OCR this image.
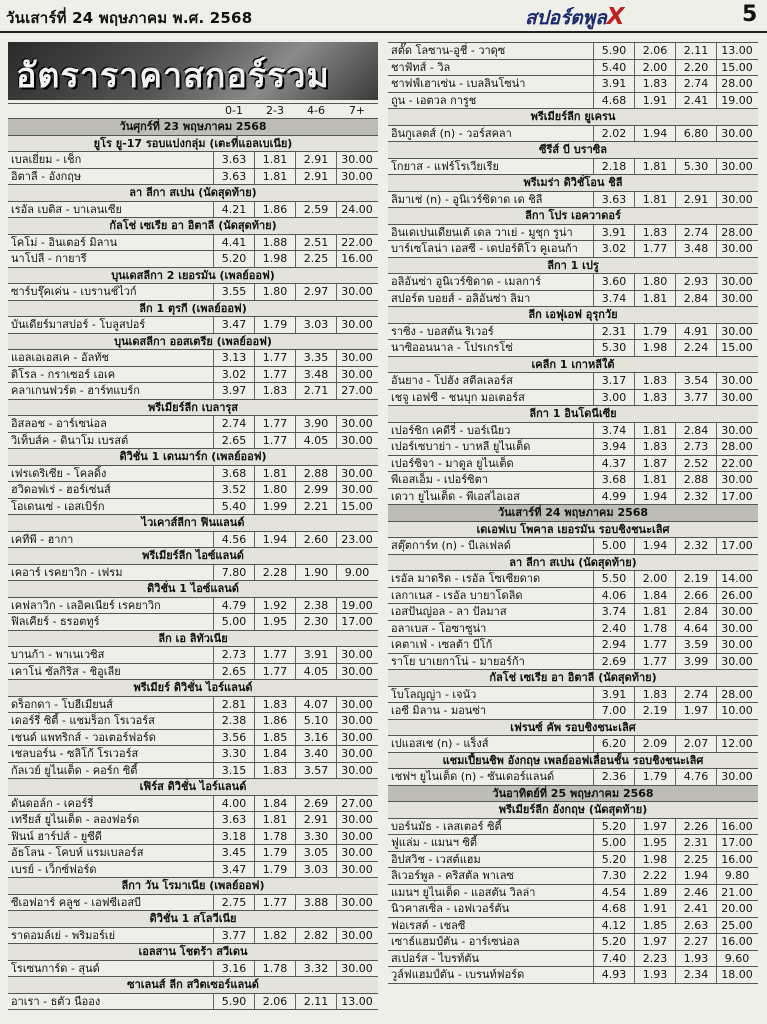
วันเสาร์ที่ 24 พฤษภาคม พ.ศ. 2568	สปอร์ตพูลX	5
อัตราราคาสกอร์รวม
0-1	2-3	4-6	7+
วันศุกร์ที่ 23 พฤษภาคม 2568
ยูโร ยู-17 รอบแบ่งกลุ่ม (เตะที่แอลเบเนีย)
เบลเยี่ยม - เช็ก	3.63	1.81	2.91	30.00
อิตาลี - อังกฤษ	3.63	1.81	2.91	30.00
ลา ลีกา สเปน (นัดสุดท้าย)
เรอัล เบติส - บาเลนเซีย	4.21	1.86	2.59	24.00
กัลโช่ เซเรีย อา อิตาลี (นัดสุดท้าย)
โคโม่ - อินเตอร์ มิลาน	4.41	1.88	2.51	22.00
นาโปลี - กายารี	5.20	1.98	2.25	16.00
บุนเดสลีกา 2 เยอรมัน (เพลย์ออฟ)
ซาร์บรุ๊คเค่น - เบรานช์ไวก์	3.55	1.80	2.97	30.00
ลีก 1 ตุรกี (เพลย์ออฟ)
บันเดียร์มาสปอร์ - โบลูสปอร์	3.47	1.79	3.03	30.00
บุนเดสลีกา ออสเตรีย (เพลย์ออฟ)
แอลเอเอสเค - อัลทัช	3.13	1.77	3.35	30.00
ดิโรล - กราเซอร์ เอเค	3.02	1.77	3.48	30.00
คลาเกนฟวร์ต - ฮาร์ทแบร์ก	3.97	1.83	2.71	27.00
พรีเมียร์ลีก เบลารุส
อิสลอช - อาร์เซน่อล	2.74	1.77	3.90	30.00
วิเท็บส์ค - ดินาโม เบรสต์	2.65	1.77	4.05	30.00
ดิวิชั่น 1 เดนมาร์ก (เพลย์ออฟ)
เฟรเดริเซีย - โคลดิ้ง	3.68	1.81	2.88	30.00
ฮวิดอฟเร่ - ฮอร์เซ่นส์	3.52	1.80	2.99	30.00
โอเดนเซ่ - เอสเบิร์ก	5.40	1.99	2.21	15.00
ไวเคาส์ลีกา ฟินแลนด์
เคทีพี - ฮากา	4.56	1.94	2.60	23.00
พรีเมียร์ลีก ไอซ์แลนด์
เคอาร์ เรคยาวิก - เฟรม	7.80	2.28	1.90	9.00
ดิวิชั่น 1 ไอซ์แลนด์
เคฟลาวิก - เลอิคเนียร์ เรคยาวิก	4.79	1.92	2.38	19.00
ฟิลเคียร์ - ธรอตทูร์	5.00	1.95	2.30	17.00
ลีก เอ ลิทัวเนีย
บานก้า - พาเนเวซิส	2.73	1.77	3.91	30.00
เคาโน่ ซัลกิริส - ชิอูเลีย	2.65	1.77	4.05	30.00
พรีเมียร์ ดิวิชั่น ไอร์แลนด์
ดร็อกดา - โบฮีเมียนส์	2.81	1.83	4.07	30.00
เดอร์รี่ ซิตี้ - แชมร็อก โรเวอร์ส	2.38	1.86	5.10	30.00
เชนด์ แพทริกส์ - วอเตอร์ฟอร์ด	3.56	1.85	3.16	30.00
เชลบอร์น - ซลิโก้ โรเวอร์ส	3.30	1.84	3.40	30.00
กัลเวย์ ยูไนเต็ด - คอร์ก ซิตี้	3.15	1.83	3.57	30.00
เฟิร์ส ดิวิชั่น ไอร์แลนด์
ดันดอล์ก - เคอร์รี่	4.00	1.84	2.69	27.00
เทรียส์ ยูไนเต็ด - ลองฟอร์ด	3.63	1.81	2.91	30.00
ฟินน์ ฮาร์ปส์ - ยูซีดี	3.18	1.78	3.30	30.00
อัธโลน - โคบห์ แรมเบลอร์ส	3.45	1.79	3.05	30.00
เบรย์ - เว็กซ์ฟอร์ด	3.47	1.79	3.03	30.00
ลีกา วัน โรมาเนีย (เพลย์ออฟ)
ซีเอฟอาร์ คลูช - เอฟซีเอสบี	2.75	1.77	3.88	30.00
ดิวิชั่น 1 สโลวีเนีย
ราดอมล์เย่ - พริมอร์เย่	3.77	1.82	2.82	30.00
เอลสาน โชตร้า สวีเดน
โรเซนการ์ด - สุนด์	3.16	1.78	3.32	30.00
ซาเลนส์ ลีก สวิตเซอร์แลนด์
อาเรา - ธตัว นีออง	5.90	2.06	2.11	13.00
สตั๊ด โลซาน-อูชี่ - วาดุซ	5.90	2.06	2.11	13.00
ชาฟัทส์ - วิล	5.40	2.00	2.20	15.00
ชาฟฟ์เฮาเซ่น - เบลลินโซน่า	3.91	1.83	2.74	28.00
ถูน - เอตวล การูช	4.68	1.91	2.41	19.00
พรีเมียร์ลีก ยูเครน
อินกูเลตส์ (n) - วอร์สคลา	2.02	1.94	6.80	30.00
ซีรีส์ บี บราซิล
โกยาส - แฟร์โรเวียเรีย	2.18	1.81	5.30	30.00
พรีเมร่า ดิวิชั่โอน ชิลี
ลิมาเช่ (n) - อูนิเวร์ซิดาด เด ชิลี	3.63	1.81	2.91	30.00
ลีกา โปร เอควาดอร์
อินเดเปนเดียนเต้ เดล วาเย่ - มูชุก รูน่า	3.91	1.83	2.74	28.00
บาร์เซโลน่า เอสซี - เดปอร์ติโว คูเอนก้า	3.02	1.77	3.48	30.00
ลีกา 1 เปรู
อลิอันซ่า อูนิเวร์ซิดาด - เมลการ์	3.60	1.80	2.93	30.00
สปอร์ต บอยส์ - อลิอันซ่า ลิมา	3.74	1.81	2.84	30.00
ลีก เอฟุเอฟ อุรุกวัย
ราซิ่ง - บอสตัน ริเวอร์	2.31	1.79	4.91	30.00
นาซิออนนาล - โปรเกรโซ่	5.30	1.98	2.24	15.00
เคลีก 1 เกาหลีใต้
อันยาง - โปฮัง สตีลเลอร์ส	3.17	1.83	3.54	30.00
เชจู เอฟซี - ชนบุก มอเตอร์ส	3.00	1.83	3.77	30.00
ลีกา 1 อินโดนีเซีย
เปอร์ซิก เคดีรี่ - บอร์เนียว	3.74	1.81	2.84	30.00
เปอร์เซบาย่า - บาหลี ยูไนเต็ด	3.94	1.83	2.73	28.00
เปอร์ซิจา - มาดูล ยูไนเต็ด	4.37	1.87	2.52	22.00
พีเอสเอ็ม - เปอร์ซิตา	3.68	1.81	2.88	30.00
เดวา ยูไนเต็ด - พีเอสไอเอส	4.99	1.94	2.32	17.00
วันเสาร์ที่ 24 พฤษภาคม 2568
เดเอฟเบ โพคาล เยอรมัน รอบชิงชนะเลิศ
สตุ๊ตการ์ท (n) - บีเลเฟลด์	5.00	1.94	2.32	17.00
ลา ลีกา สเปน (นัดสุดท้าย)
เรอัล มาดริด - เรอัล โซเซียดาด	5.50	2.00	2.19	14.00
เลกาเนส - เรอัล บายาโดลิด	4.06	1.84	2.66	26.00
เอสปันญ่อล - ลา ปัลมาส	3.74	1.81	2.84	30.00
อลาเบส - โอซาซูน่า	2.40	1.78	4.64	30.00
เคตาเฟ่ - เซลต้า บีโก้	2.94	1.77	3.59	30.00
ราโย บาเยกาโน่ - มายอร์ก้า	2.69	1.77	3.99	30.00
กัลโช่ เซเรีย อา อิตาลี (นัดสุดท้าย)
โบโลญญ่า - เจนัว	3.91	1.83	2.74	28.00
เอซี มิลาน - มอนซ่า	7.00	2.19	1.97	10.00
เฟรนซ์ คัพ รอบชิงชนะเลิศ
เปแอสเช (n) - แร็งส์	6.20	2.09	2.07	12.00
แชมเปี้ยนชิพ อังกฤษ เพลย์ออฟเลื่อนชั้น รอบชิงชนะเลิศ
เชฟฯ ยูไนเต็ด (n) - ซันเดอร์แลนด์	2.36	1.79	4.76	30.00
วันอาทิตย์ที่ 25 พฤษภาคม 2568
พรีเมียร์ลีก อังกฤษ (นัดสุดท้าย)
บอร์นมัธ - เลสเตอร์ ซิตี้	5.20	1.97	2.26	16.00
ฟูแล่ม - แมนฯ ซิตี้	5.00	1.95	2.31	17.00
อิปสวิช - เวสต์แฮม	5.20	1.98	2.25	16.00
ลิเวอร์พูล - คริสตัล พาเลซ	7.30	2.22	1.94	9.80
แมนฯ ยูไนเต็ด - แอสตัน วิลล่า	4.54	1.89	2.46	21.00
นิวคาสเซิ่ล - เอฟเวอร์ตัน	4.68	1.91	2.41	20.00
ฟอเรสต์ - เชลซี	4.12	1.85	2.63	25.00
เซาธ์แฮมป์ตัน - อาร์เซน่อล	5.20	1.97	2.27	16.00
สเปอร์ส - ไบรท์ตัน	7.40	2.23	1.93	9.60
วูล์ฟแฮมป์ตัน - เบรนท์ฟอร์ด	4.93	1.93	2.34	18.00
